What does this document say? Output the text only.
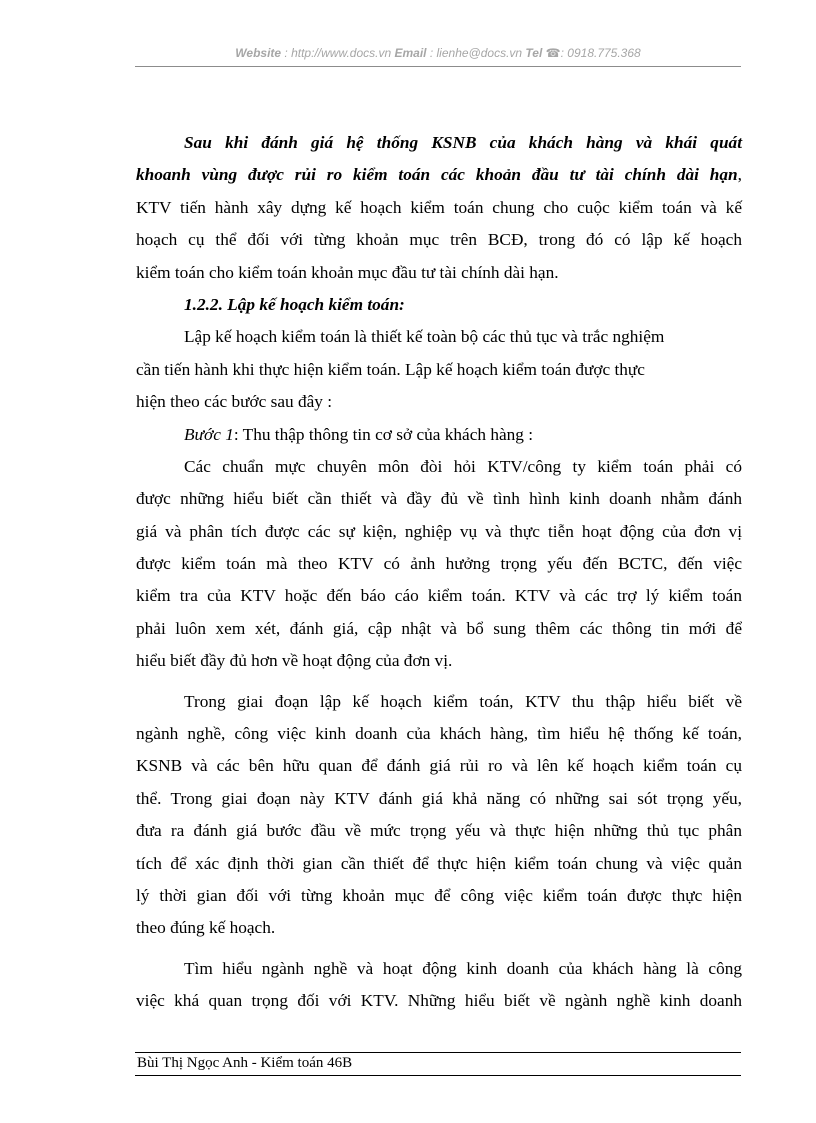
Website : http://www.docs.vn Email : lienhe@docs.vn Tel ☎: 0918.775.368
Sau khi đánh giá hệ thống KSNB của khách hàng và khái quát
khoanh vùng được rủi ro kiểm toán các khoản đầu tư tài chính dài hạn,
KTV tiến hành xây dựng kế hoạch kiểm toán chung cho cuộc kiểm toán và kế
hoạch cụ thể đối với từng khoản mục trên BCĐ, trong đó có lập kế hoạch
kiểm toán cho kiểm toán khoản mục đầu tư tài chính dài hạn.
1.2.2. Lập kế hoạch kiểm toán:
Lập kế hoạch kiểm toán là thiết kế toàn bộ các thủ tục và trắc nghiệm
cần tiến hành khi thực hiện kiểm toán. Lập kế hoạch kiểm toán được thực
hiện theo các bước sau đây :
Bước 1: Thu thập thông tin cơ sở của khách hàng :
Các chuẩn mực chuyên môn đòi hỏi KTV/công ty kiểm toán phải có
được những hiểu biết cần thiết và đầy đủ về tình hình kinh doanh nhằm đánh
giá và phân tích được các sự kiện, nghiệp vụ và thực tiễn hoạt động của đơn vị
được kiểm toán mà theo KTV có ảnh hưởng trọng yếu đến BCTC, đến việc
kiểm tra của KTV hoặc đến báo cáo kiểm toán. KTV và các trợ lý kiểm toán
phải luôn xem xét, đánh giá, cập nhật và bổ sung thêm các thông tin mới để
hiểu biết đầy đủ hơn về hoạt động của đơn vị.
Trong giai đoạn lập kế hoạch kiểm toán, KTV thu thập hiểu biết về
ngành nghề, công việc kinh doanh của khách hàng, tìm hiểu hệ thống kế toán,
KSNB và các bên hữu quan để đánh giá rủi ro và lên kế hoạch kiểm toán cụ
thể. Trong giai đoạn này KTV đánh giá khả năng có những sai sót trọng yếu,
đưa ra đánh giá bước đầu về mức trọng yếu và thực hiện những thủ tục phân
tích để xác định thời gian cần thiết để thực hiện kiểm toán chung và việc quản
lý thời gian đối với từng khoản mục để công việc kiểm toán được thực hiện
theo đúng kế hoạch.
Tìm hiểu ngành nghề và hoạt động kinh doanh của khách hàng là công
việc khá quan trọng đối với KTV. Những hiểu biết về ngành nghề kinh doanh
Bùi Thị Ngọc Anh - Kiểm toán 46B
